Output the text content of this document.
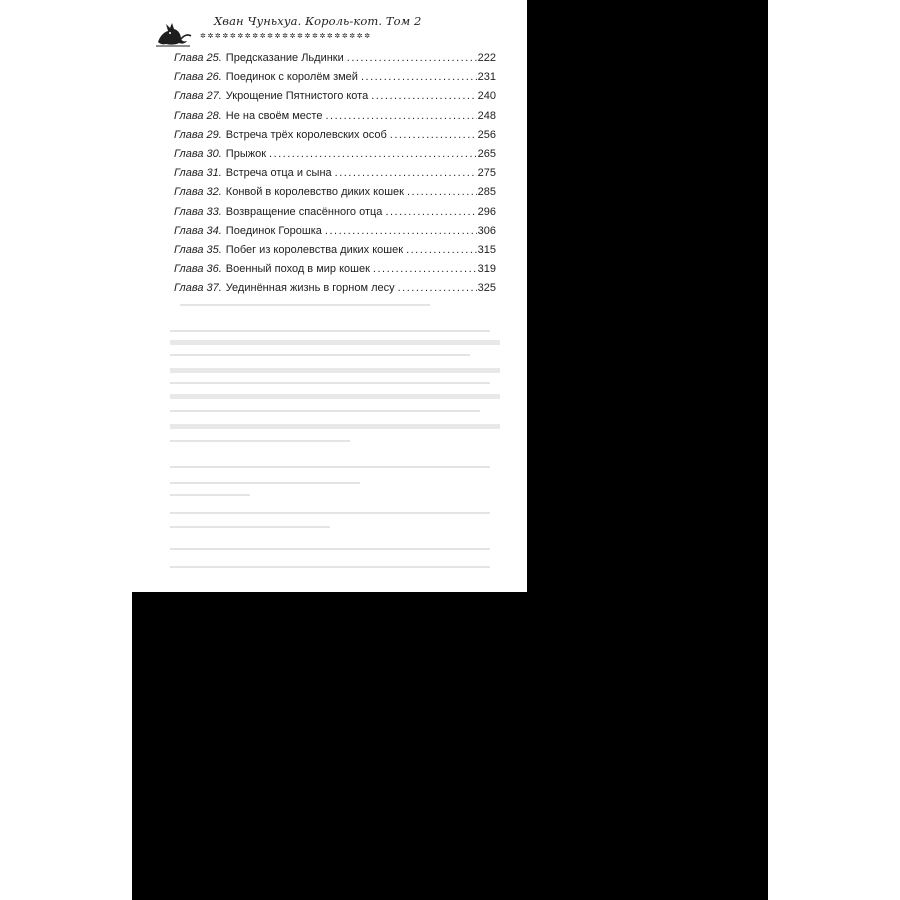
Хван Чуньхуа. Король-кот. Том 2
✲✲✲✲✲✲✲✲✲✲✲✲✲✲✲✲✲✲✲✲✲✲✲
Глава 25. Предсказание Льдинки .....	222
Глава 26. Поединок с королём змей .....	231
Глава 27. Укрощение Пятнистого кота .....	240
Глава 28. Не на своём месте .....	248
Глава 29. Встреча трёх королевских особ .....	256
Глава 30. Прыжок .....	265
Глава 31. Встреча отца и сына .....	275
Глава 32. Конвой в королевство диких кошек .....	285
Глава 33. Возвращение спасённого отца .....	296
Глава 34. Поединок Горошка .....	306
Глава 35. Побег из королевства диких кошек .....	315
Глава 36. Военный поход в мир кошек .....	319
Глава 37. Уединённая жизнь в горном лесу .....	325
